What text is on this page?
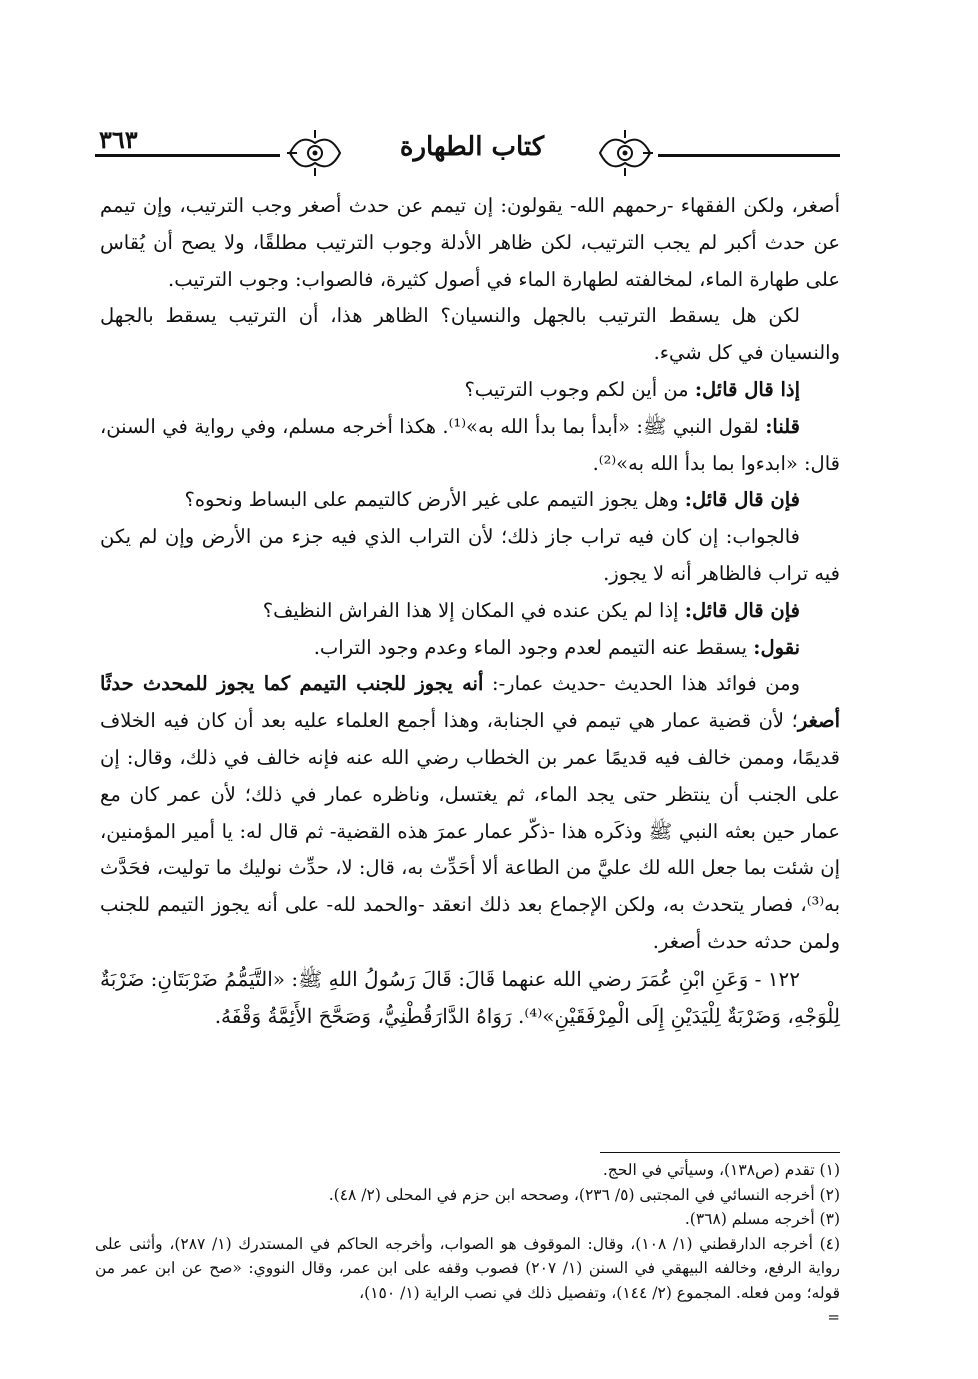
٣٦٣	كتاب الطهارة

أصغر، ولكن الفقهاء -رحمهم الله- يقولون: إن تيمم عن حدث أصغر وجب الترتيب، وإن تيمم عن حدث أكبر لم يجب الترتيب، لكن ظاهر الأدلة وجوب الترتيب مطلقًا، ولا يصح أن يُقاس على طهارة الماء، لمخالفته لطهارة الماء في أصول كثيرة، فالصواب: وجوب الترتيب.

لكن هل يسقط الترتيب بالجهل والنسيان؟ الظاهر هذا، أن الترتيب يسقط بالجهل والنسيان في كل شيء.

إذا قال قائل: من أين لكم وجوب الترتيب؟

قلنا: لقول النبي ﷺ: «أبدأ بما بدأ الله به»⁽¹⁾. هكذا أخرجه مسلم، وفي رواية في السنن، قال: «ابدءوا بما بدأ الله به»⁽²⁾.

فإن قال قائل: وهل يجوز التيمم على غير الأرض كالتيمم على البساط ونحوه؟

فالجواب: إن كان فيه تراب جاز ذلك؛ لأن التراب الذي فيه جزء من الأرض وإن لم يكن فيه تراب فالظاهر أنه لا يجوز.

فإن قال قائل: إذا لم يكن عنده في المكان إلا هذا الفراش النظيف؟

نقول: يسقط عنه التيمم لعدم وجود الماء وعدم وجود التراب.

ومن فوائد هذا الحديث -حديث عمار-: أنه يجوز للجنب التيمم كما يجوز للمحدث حدثًا أصغر؛ لأن قضية عمار هي تيمم في الجنابة، وهذا أجمع العلماء عليه بعد أن كان فيه الخلاف قديمًا، وممن خالف فيه قديمًا عمر بن الخطاب رضي الله عنه فإنه خالف في ذلك، وقال: إن على الجنب أن ينتظر حتى يجد الماء، ثم يغتسل، وناظره عمار في ذلك؛ لأن عمر كان مع عمار حين بعثه النبي ﷺ وذكَره هذا -ذكّر عمار عمرَ هذه القضية- ثم قال له: يا أمير المؤمنين، إن شئت بما جعل الله لك عليَّ من الطاعة ألا أحَدِّث به، قال: لا، حدِّث نوليك ما توليت، فحَدَّث به⁽³⁾، فصار يتحدث به، ولكن الإجماع بعد ذلك انعقد -والحمد لله- على أنه يجوز التيمم للجنب ولمن حدثه حدث أصغر.

١٢٢ - وَعَنِ ابْنِ عُمَرَ رضي الله عنهما قَالَ: قَالَ رَسُولُ اللهِ ﷺ: «التَّيَمُّمُ ضَرْبَتَانِ: ضَرْبَةٌ لِلْوَجْهِ، وَضَرْبَةٌ لِلْيَدَيْنِ إِلَى الْمِرْفَقَيْنِ»⁽⁴⁾. رَوَاهُ الدَّارَقُطْنِيُّ، وَصَحَّحَ الأَئِمَّةُ وَقْفَهُ.

(١) تقدم (ص١٣٨)، وسيأتي في الحج.

(٢) أخرجه النسائي في المجتبى (٥/ ٢٣٦)، وصححه ابن حزم في المحلى (٢/ ٤٨).

(٣) أخرجه مسلم (٣٦٨).

(٤) أخرجه الدارقطني (١/ ١٠٨)، وقال: الموقوف هو الصواب، وأخرجه الحاكم في المستدرك (١/ ٢٨٧)، وأثنى على رواية الرفع، وخالفه البيهقي في السنن (١/ ٢٠٧) فصوب وقفه على ابن عمر، وقال النووي: «صح عن ابن عمر من قوله؛ ومن فعله. المجموع (٢/ ١٤٤)، وتفصيل ذلك في نصب الراية (١/ ١٥٠)،

=
